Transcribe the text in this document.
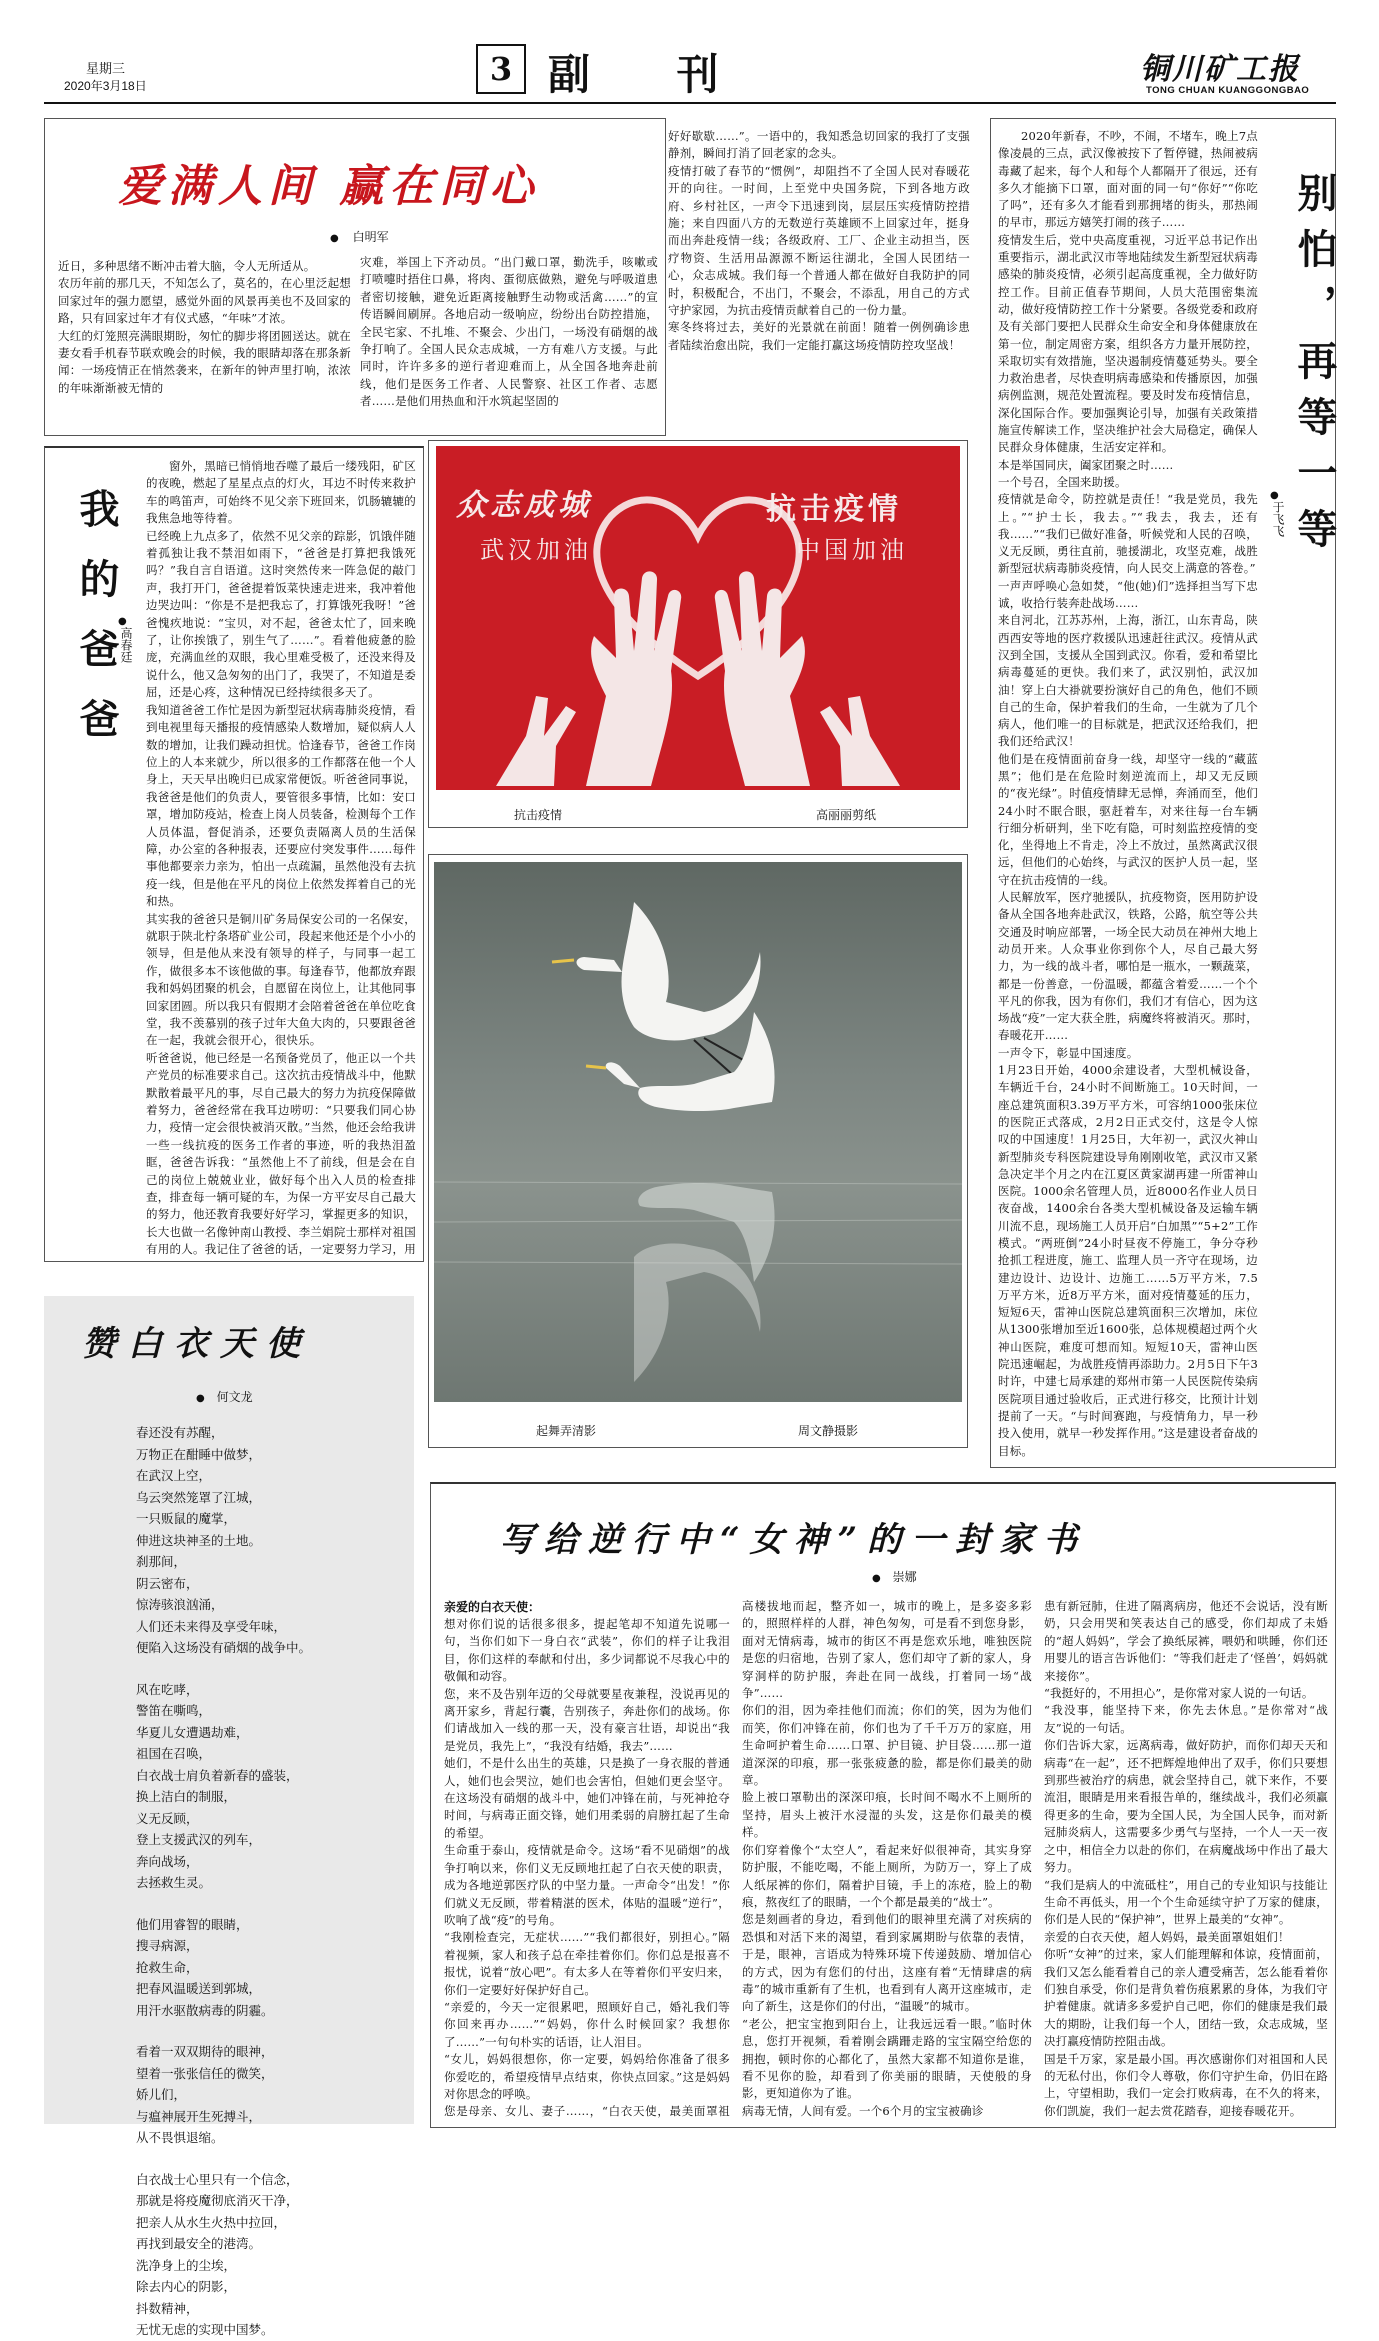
星期三
2020年3月18日	3 副 刊	铜川矿工报
TONG CHUAN KUANGGONGBAO
爱满人间 赢在同心
● 白明军
近日，多种思绪不断冲击着大脑，令人无所适从。
农历年前的那几天，不知怎么了，莫名的，在心里泛起想回家过年的强力愿望，感觉外面的风景再美也不及回家的路，只有回家过年才有仪式感，“年味”才浓。
大红的灯笼照亮满眼期盼，匆忙的脚步将团圆送达。就在妻女看手机春节联欢晚会的时候，我的眼睛却落在那条新闻：一场疫情正在悄然袭来，在新年的钟声里打响，浓浓的年味渐渐被无情的
灾难，举国上下齐动员。“出门戴口罩，勤洗手，咳嗽或打喷嚏时捂住口鼻，将肉、蛋彻底做熟，避免与呼吸道患者密切接触，避免近距离接触野生动物或活禽……”的宣传语瞬间刷屏。各地启动一级响应，纷纷出台防控措施，全民宅家、不扎堆、不聚会、少出门，一场没有硝烟的战争打响了。全国人民众志成城，一方有难八方支援。与此同时，许许多多的逆行者迎难而上，从全国各地奔赴前线，他们是医务工作者、人民警察、社区工作者、志愿者……是他们用热血和汗水筑起坚固的
好好歇歇……”。一语中的，我知悉急切回家的我打了支强静剂，瞬间打消了回老家的念头。
疫情打破了春节的“惯例”，却阻挡不了全国人民对春暖花开的向往。一时间，上至党中央国务院，下到各地方政府、乡村社区，一声令下迅速到岗，层层压实疫情防控措施；来自四面八方的无数逆行英雄顾不上回家过年，挺身而出奔赴疫情一线；各级政府、工厂、企业主动担当，医疗物资、生活用品源源不断运往湖北，全国人民团结一心，众志成城。我们每一个普通人都在做好自我防护的同时，积极配合，不出门，不聚会，不添乱，用自己的方式守护家园，为抗击疫情贡献着自己的一份力量。
寒冬终将过去，美好的光景就在前面！随着一例例确诊患者陆续治愈出院，我们一定能打赢这场疫情防控攻坚战！
我的爸爸
●
高春廷
窗外，黑暗已悄悄地吞噬了最后一缕残阳，矿区的夜晚，燃起了星星点点的灯火，耳边不时传来救护车的鸣笛声，可始终不见父亲下班回来，饥肠辘辘的我焦急地等待着。
已经晚上九点多了，依然不见父亲的踪影，饥饿伴随着孤独让我不禁泪如雨下，“爸爸是打算把我饿死吗？”我自言自语道。这时突然传来一阵急促的敲门声，我打开门，爸爸提着饭菜快速走进来，我冲着他边哭边叫：“你是不是把我忘了，打算饿死我呀！”爸爸愧疚地说：“宝贝，对不起，爸爸太忙了，回来晚了，让你挨饿了，别生气了……”。看着他疲惫的脸庞，充满血丝的双眼，我心里难受极了，还没来得及说什么，他又急匆匆的出门了，我哭了，不知道是委屈，还是心疼，这种情况已经持续很多天了。
我知道爸爸工作忙是因为新型冠状病毒肺炎疫情，看到电视里每天播报的疫情感染人数增加，疑似病人人数的增加，让我们躁动担忧。恰逢春节，爸爸工作岗位上的人本来就少，所以很多的工作都落在他一个人身上，天天早出晚归已成家常便饭。听爸爸同事说，我爸爸是他们的负责人，要管很多事情，比如：安口罩，增加防疫站，检查上岗人员装备，检测每个工作人员体温，督促消杀，还要负责隔离人员的生活保障，办公室的各种报表，还要应付突发事件……每件事他都要亲力亲为，怕出一点疏漏，虽然他没有去抗疫一线，但是他在平凡的岗位上依然发挥着自己的光和热。
其实我的爸爸只是铜川矿务局保安公司的一名保安，就职于陕北柠条塔矿业公司，段起来他还是个小小的领导，但是他从来没有领导的样子，与同事一起工作，做很多本不该他做的事。每逢春节，他都放弃跟我和妈妈团聚的机会，自愿留在岗位上，让其他同事回家团圆。所以我只有假期才会陪着爸爸在单位吃食堂，我不羡慕别的孩子过年大鱼大肉的，只要跟爸爸在一起，我就会很开心，很快乐。
听爸爸说，他已经是一名预备党员了，他正以一个共产党员的标准要求自己。这次抗击疫情战斗中，他默默散着最平凡的事，尽自己最大的努力为抗疫保障做着努力，爸爸经常在我耳边唠叨：“只要我们同心协力，疫情一定会很快被消灭散。”当然，他还会给我讲一些一线抗疫的医务工作者的事迹，听的我热泪盈眶，爸爸告诉我：“虽然他上不了前线，但是会在自己的岗位上兢兢业业，做好每个出入人员的检查排查，排查每一辆可疑的车，为保一方平安尽自己最大的努力，他还教育我要好好学习，掌握更多的知识，长大也做一名像钟南山教授、李兰娟院士那样对祖国有用的人。我记住了爸爸的话，一定要努力学习，用

赞白衣天使
● 何文龙

春还没有苏醒，

万物正在酣睡中做梦，

在武汉上空，

乌云突然笼罩了江城，

一只贩鼠的魔掌，

伸进这块神圣的土地。

刹那间，

阴云密布，

惊涛骇浪汹涌，

人们还未来得及享受年味，

便陷入这场没有硝烟的战争中。

风在吃哮，

警笛在嘶鸣，

华夏儿女遭遇劫难，

祖国在召唤，

白衣战士肩负着新春的盛装，

换上洁白的制服，

义无反顾，

登上支援武汉的列车，

奔向战场，

去拯救生灵。

他们用睿智的眼睛，

搜寻病源，

抢救生命，

把春风温暖送到郭城，

用汗水驱散病毒的阴霾。

看着一双双期待的眼神，

望着一张张信任的微笑，

娇儿们，

与瘟神展开生死搏斗，

从不畏惧退缩。

白衣战士心里只有一个信念，

那就是将疫魔彻底消灭干净，

把亲人从水生火热中拉回，

再找到最安全的港湾。

洗净身上的尘埃，

除去内心的阴影，

抖数精神，

无忧无虑的实现中国梦。

众志成城
武汉加油
抗击疫情
中国加油
抗击疫情	高丽丽剪纸
起舞弄清影	周文静摄影
别怕，再等一等
●
于飞飞
2020年新春，不吵，不闹，不堵车，晚上7点像凌晨的三点，武汉像被按下了暂停键，热闹被病毒藏了起来，每个人和每个人都隔开了很远，还有多久才能摘下口罩，面对面的同一句“你好”“你吃了吗”，还有多久才能看到那拥堵的街头，那热闹的早市，那远方嬉笑打闹的孩子……
疫情发生后，党中央高度重视，习近平总书记作出重要指示，湖北武汉市等地陆续发生新型冠状病毒感染的肺炎疫情，必须引起高度重视，全力做好防控工作。目前正值春节期间，人员大范围密集流动，做好疫情防控工作十分紧要。各级党委和政府及有关部门要把人民群众生命安全和身体健康放在第一位，制定周密方案，组织各方力量开展防控，采取切实有效措施，坚决遏制疫情蔓延势头。要全力救治患者，尽快查明病毒感染和传播原因，加强病例监测，规范处置流程。要及时发布疫情信息，深化国际合作。要加强舆论引导，加强有关政策措施宣传解读工作，坚决维护社会大局稳定，确保人民群众身体健康，生活安定祥和。
本是举国同庆，阖家团聚之时……
一个号召，全国来助援。
疫情就是命令，防控就是责任！“我是党员，我先上。”“护士长，我去。”“我去，我去，还有我……”“我们已做好准备，听候党和人民的召唤，义无反顾，勇往直前，驰援湖北，攻坚克难，战胜新型冠状病毒肺炎疫情，向人民交上满意的答卷。”
一声声呼唤心急如焚，“他(她)们”选择担当写下忠诚，收拾行装奔赴战场……
来自河北，江苏苏州，上海，浙江，山东青岛，陕西西安等地的医疗救援队迅速赶往武汉。疫情从武汉到全国，支援从全国到武汉。你看，爱和希望比病毒蔓延的更快。我们来了，武汉别怕，武汉加油！穿上白大褂就要扮演好自己的角色，他们不顾自己的生命，保护着我们的生命，一生就为了几个病人，他们唯一的目标就是，把武汉还给我们，把我们还给武汉！
他们是在疫情面前奋身一线，却坚守一线的“藏蓝黑”；他们是在危险时刻逆流而上，却又无反顾的“夜光绿”。时值疫情肆无忌惮，奔涌而至，他们24小时不眠合眼，驱赶着车，对来往每一台车辆行细分析研判，坐下吃有隐，可时刻监控疫情的变化，坐得地上不肯走，冷上不放过，虽然离武汉很远，但他们的心始终，与武汉的医护人员一起，坚守在抗击疫情的一线。
人民解放军，医疗驰援队，抗疫物资，医用防护设备从全国各地奔赴武汉，铁路，公路，航空等公共交通及时响应部署，一场全民大动员在神州大地上动员开来。人众事业你到你个人，尽自己最大努力，为一线的战斗者，哪怕是一瓶水，一颗蔬菜，都是一份善意，一份温暖，都蕴含着爱……一个个平凡的你我，因为有你们，我们才有信心，因为这场战“疫”一定大获全胜，病魔终将被消灭。那时，春暖花开……
一声令下，彰显中国速度。
1月23日开始，4000余建设者，大型机械设备，车辆近千台，24小时不间断施工。10天时间，一座总建筑面积3.39万平方米，可容纳1000张床位的医院正式落成，2月2日正式交付，这是令人惊叹的中国速度！1月25日，大年初一，武汉火神山新型肺炎专科医院建设导角刚刚收笔，武汉市又紧急决定半个月之内在江夏区黄家湖再建一所雷神山医院。1000余名管理人员，近8000名作业人员日夜奋战，1400余台各类大型机械设备及运输车辆川流不息，现场施工人员开启“白加黑”“5+2”工作模式。“两班倒”24小时昼夜不停施工，争分夺秒抢抓工程进度，施工、监理人员一齐守在现场，边建边设计、边设计、边施工……5万平方米，7.5万平方米，近8万平方米，面对疫情蔓延的压力，短短6天，雷神山医院总建筑面积三次增加，床位从1300张增加至近1600张，总体规模超过两个火神山医院，难度可想而知。短短10天，雷神山医院迅速崛起，为战胜疫情再添助力。2月5日下午3时许，中建七局承建的郑州市第一人民医院传染病医院项目通过验收后，正式进行移交，比预计计划提前了一天。“与时间赛跑，与疫情角力，早一秒投入使用，就早一秒发挥作用。”这是建设者奋战的目标。

写给逆行中“女神”的一封家书
● 崇娜
亲爱的白衣天使：
想对你们说的话很多很多，提起笔却不知道先说哪一句，当你们如下一身白衣“武装”，你们的样子让我泪目，你们这样的奉献和付出，多少词都说不尽我心中的敬佩和动容。
您，来不及告别年迈的父母就要星夜兼程，没说再见的离开家乡，背起行囊，告别孩子，奔赴你们的战场。你们请战加入一线的那一天，没有豪言壮语，却说出“我是党员，我先上”，“我没有结婚，我去”……
她们，不是什么出生的英雄，只是换了一身衣服的普通人，她们也会哭泣，她们也会害怕，但她们更会坚守。在这场没有硝烟的战斗中，她们冲锋在前，与死神抢夺时间，与病毒正面交锋，她们用柔弱的肩膀扛起了生命的希望。
生命重于泰山，疫情就是命令。这场“看不见硝烟”的战争打响以来，你们义无反顾地扛起了白衣天使的职责，成为各地逆郭医疗队的中坚力量。一声命令“出发！”你们就义无反顾，带着精湛的医术，体贴的温暖“逆行”，吹响了战“疫”的号角。
“我刚检查完，无症状……”“我们都很好，别担心。”隔着视频，家人和孩子总在牵挂着你们。你们总是报喜不报忧，说着“放心吧”。有太多人在等着你们平安归来，你们一定要好好保护好自己。
“亲爱的，今天一定很累吧，照顾好自己，婚礼我们等你回来再办……”“妈妈，你什么时候回家？我想你了……”一句句朴实的话语，让人泪目。
“女儿，妈妈很想你，你一定要，妈妈给你准备了很多你爱吃的，希望疫情早点结束，你快点回家。”这是妈妈对你思念的呼唤。
您是母亲、女儿、妻子……，“白衣天使，最美面罩祖
高楼拔地而起，整齐如一，城市的晚上，是多姿多彩的，照照样样的人群，神色匆匆，可是看不到您身影，面对无情病毒，城市的街区不再是您欢乐地，唯独医院是您的归宿地，告别了家人，您们却守了新的家人，身穿洞样的防护服，奔赴在同一战线，打着同一场“战争”……
你们的泪，因为牵挂他们而流；你们的笑，因为为他们而笑，你们冲锋在前，你们也为了千千万万的家庭，用生命呵护着生命……口罩、护目镜、护目袋……那一道道深深的印痕，那一张张疲惫的脸，都是你们最美的勋章。
脸上被口罩勒出的深深印痕，长时间不喝水不上厕所的坚持，眉头上被汗水浸湿的头发，这是你们最美的模样。
你们穿着像个“太空人”，看起来好似很神奇，其实身穿防护服，不能吃喝，不能上厕所，为防万一，穿上了成人纸尿裤的你们，隔着护目镜，手上的冻疮，脸上的勒痕，熬夜红了的眼睛，一个个都是最美的“战士”。
您是刻画者的身边，看到他们的眼神里充满了对疾病的恐惧和对活下来的渴望，看到家属期盼与依靠的表情，于是，眼神，言语成为特殊环境下传递鼓励、增加信心的方式，因为有您们的付出，这座有着“无情肆虐的病毒”的城市重新有了生机，也看到有人离开这座城市，走向了新生，这是你们的付出，“温暖”的城市。
“老公，把宝宝抱到阳台上，让我远远看一眼。”临时休息，您打开视频，看着刚会蹒跚走路的宝宝隔空给您的拥抱，顿时你的心都化了，虽然大家都不知道你是谁，看不见你的脸，却看到了你美丽的眼睛，天使般的身影，更知道你为了谁。
病毒无情，人间有爱。一个6个月的宝宝被确诊
患有新冠肺，住进了隔离病房，他还不会说话，没有断奶，只会用哭和笑表达自己的感受，你们却成了未婚的“超人妈妈”，学会了换纸尿裤，喂奶和哄睡，你们还用婴儿的语言告诉他们：“等我们赶走了‘怪兽’，妈妈就来接你”。
“我挺好的，不用担心”，是你常对家人说的一句话。
“我没事，能坚持下来，你先去休息。”是你常对“战友”说的一句话。
你们告诉大家，远离病毒，做好防护，而你们却天天和病毒“在一起”，还不把辉煌地伸出了双手，你们只要想到那些被治疗的病患，就会坚持自己，就下来作，不要流泪，眼睛是用来看报告单的，继续战斗，我们必须赢得更多的生命，要为全国人民，为全国人民争，而对新冠肺炎病人，这需要多少勇气与坚持，一个人一天一夜之中，相信全力以赴的你们，在病魔战场中作出了最大努力。
“我们是病人的中流砥柱”，用自己的专业知识与技能让生命不再低头，用一个个生命延续守护了万家的健康，你们是人民的“保护神”，世界上最美的“女神”。
亲爱的白衣天使，超人妈妈，最美面罩姐姐们！
你听“女神”的过来，家人们能理解和体谅，疫情面前，我们又怎么能看着自己的亲人遭受痛苦，怎么能看着你们独自承受，你们是背负着伤痕累累的身体，为我们守护着健康。就请多多爱护自己吧，你们的健康是我们最大的期盼，让我们每一个人，团结一致，众志成城，坚决打赢疫情防控阻击战。
国是千万家，家是最小国。再次感谢你们对祖国和人民的无私付出，你们令人尊敬，你们守护生命，仍旧在路上，守望相助，我们一定会打败病毒，在不久的将来，你们凯旋，我们一起去赏花踏春，迎接春暖花开。
